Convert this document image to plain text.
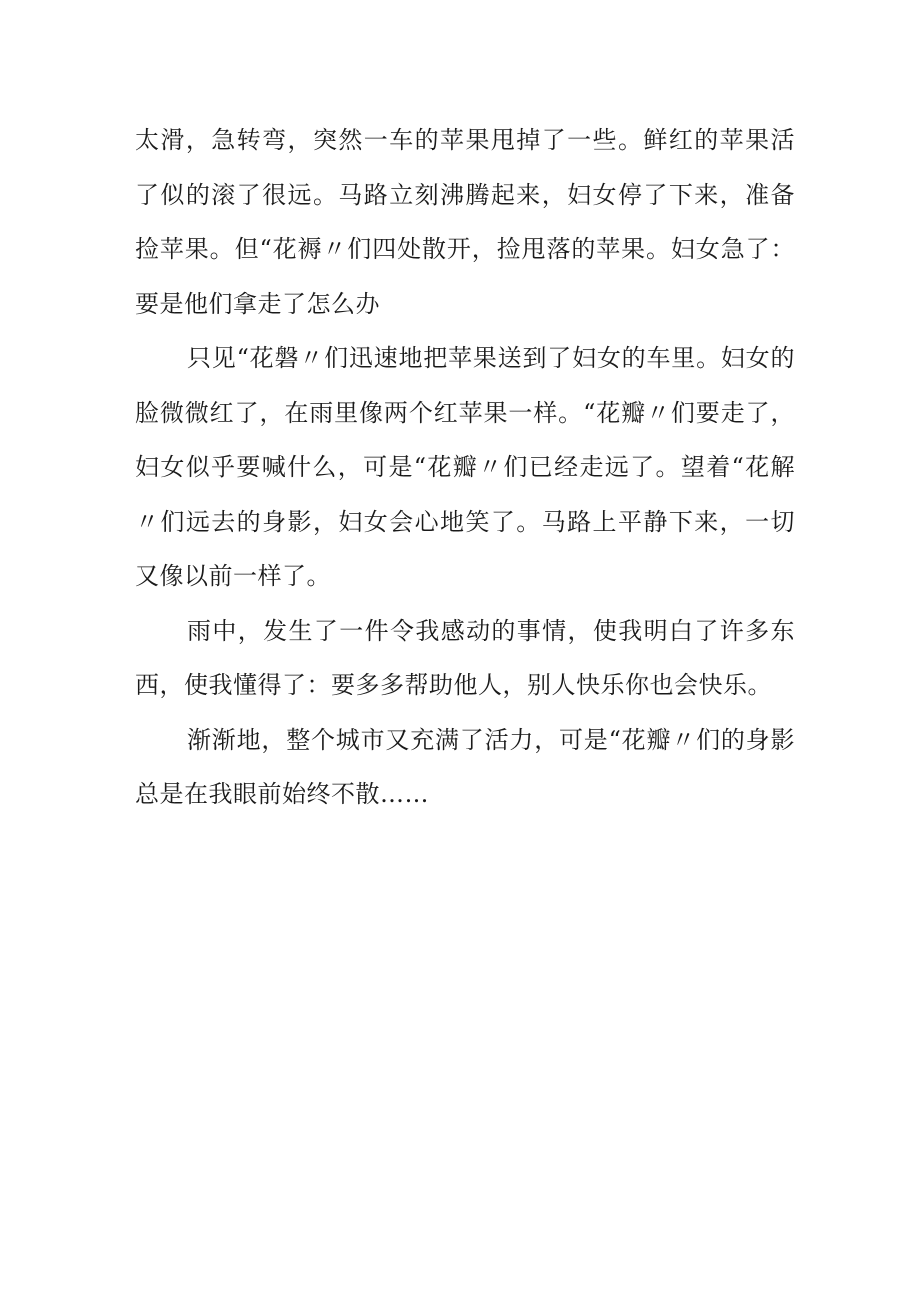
太滑，急转弯，突然一车的苹果甩掉了一些。鲜红的苹果活了似的滚了很远。马路立刻沸腾起来，妇女停了下来，准备捡苹果。但“花褥〃们四处散开，捡甩落的苹果。妇女急了：要是他们拿走了怎么办

只见“花磐〃们迅速地把苹果送到了妇女的车里。妇女的脸微微红了，在雨里像两个红苹果一样。“花瓣〃们要走了，妇女似乎要喊什么，可是“花瓣〃们已经走远了。望着“花解〃们远去的身影，妇女会心地笑了。马路上平静下来，一切又像以前一样了。

雨中，发生了一件令我感动的事情，使我明白了许多东西，使我懂得了：要多多帮助他人，别人快乐你也会快乐。

渐渐地，整个城市又充满了活力，可是“花瓣〃们的身影总是在我眼前始终不散……
